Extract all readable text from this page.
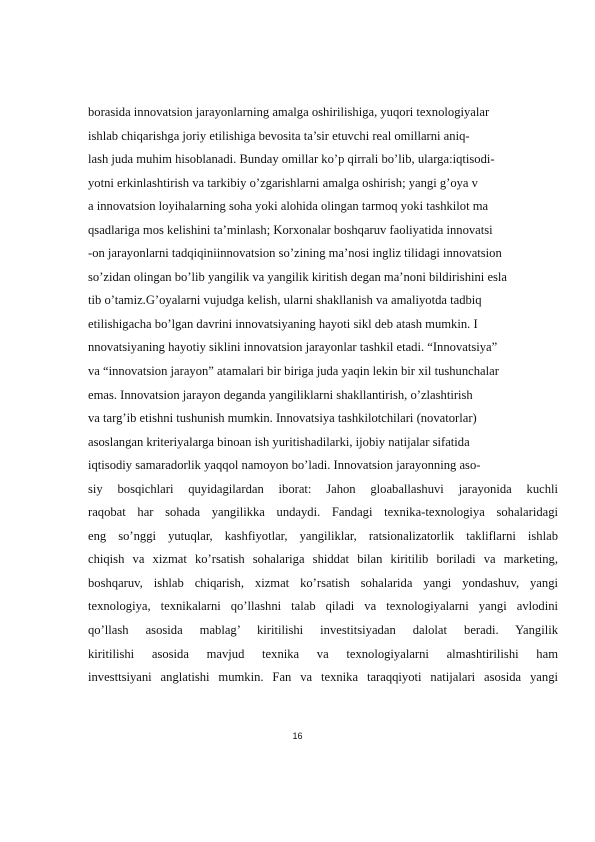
borasida innovatsion jarayonlarning amalga oshirilishiga, yuqori texnologiyalar
ishlab chiqarishga joriy etilishiga bevosita ta’sir etuvchi real omillarni aniq-
lash juda muhim hisoblanadi. Bunday omillar ko’p qirrali bo’lib, ularga:iqtisodi-
yotni erkinlashtirish va tarkibiy o’zgarishlarni amalga oshirish; yangi g’oya v
a innovatsion loyihalarning soha yoki alohida olingan tarmoq yoki tashkilot ma
qsadlariga mos kelishini ta’minlash; Korxonalar boshqaruv faoliyatida innovatsi
-on jarayonlarni tadqiqiniinnovatsion so’zining ma’nosi ingliz tilidagi innovatsion
so’zidan olingan bo’lib yangilik va yangilik kiritish degan ma’noni bildirishini esla
tib o’tamiz.G’oyalarni vujudga kelish, ularni shakllanish va amaliyotda tadbiq
etilishigacha bo’lgan davrini innovatsiyaning hayoti sikl deb atash mumkin. I
nnovatsiyaning hayotiy siklini innovatsion jarayonlar tashkil etadi. “Innovatsiya”
va “innovatsion jarayon” atamalari bir biriga juda yaqin lekin bir xil tushunchalar
emas. Innovatsion jarayon deganda yangiliklarni shakllantirish, o’zlashtirish
va targ’ib etishni tushunish mumkin. Innovatsiya tashkilotchilari (novatorlar)
asoslangan kriteriyalarga binoan ish yuritishadilarki, ijobiy natijalar sifatida
iqtisodiy samaradorlik yaqqol namoyon bo’ladi. Innovatsion jarayonning aso-
siy bosqichlari quyidagilardan iborat: Jahon gloaballashuvi jarayonida kuchli
raqobat har sohada yangilikka undaydi. Fandagi texnika-texnologiya sohalaridagi
eng so’nggi yutuqlar, kashfiyotlar, yangiliklar, ratsionalizatorlik takliflarni ishlab
chiqish va xizmat ko’rsatish sohalariga shiddat bilan kiritilib boriladi va marketing,
boshqaruv, ishlab chiqarish, xizmat ko’rsatish sohalarida yangi yondashuv, yangi
texnologiya, texnikalarni qo’llashni talab qiladi va texnologiyalarni yangi avlodini
qo’llash asosida mablag’ kiritilishi investitsiyadan dalolat beradi. Yangilik
kiritilishi asosida mavjud texnika va texnologiyalarni almashtirilishi ham
investtsiyani anglatishi mumkin. Fan va texnika taraqqiyoti natijalari asosida yangi
16
